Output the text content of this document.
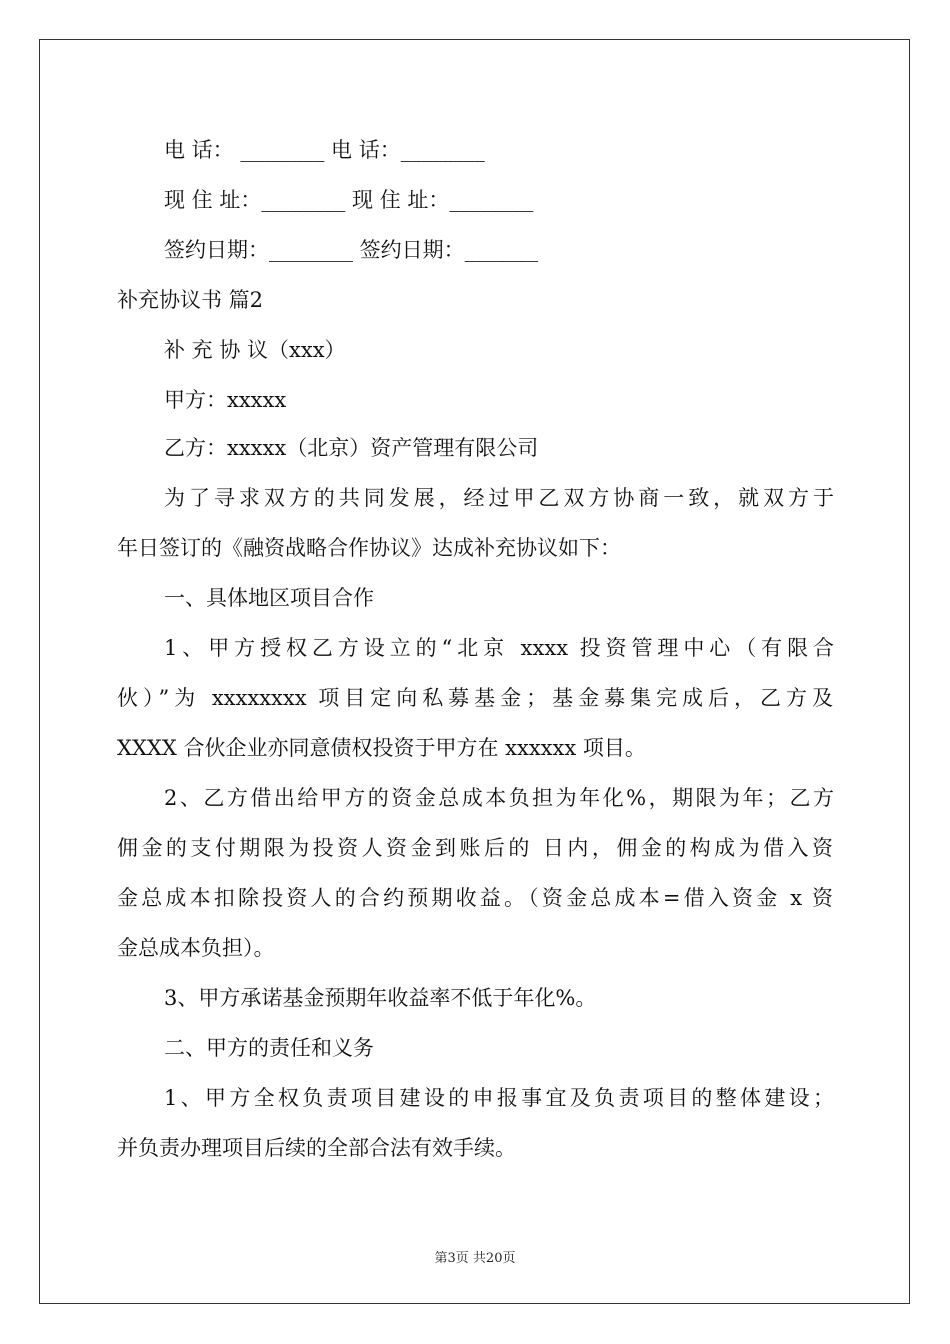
电 话： ________ 电 话：________
现 住 址：________ 现 住 址：________
签约日期：________ 签约日期：_______
补充协议书 篇2
补 充 协 议（xxx）
甲方：xxxxx
乙方：xxxxx（北京）资产管理有限公司
为了寻求双方的共同发展，经过甲乙双方协商一致，就双方于
年日签订的《融资战略合作协议》达成补充协议如下：
一、具体地区项目合作
1、甲方授权乙方设立的“北京 xxxx 投资管理中心（有限合
伙）”为 xxxxxxxx 项目定向私募基金；基金募集完成后，乙方及
XXXX 合伙企业亦同意债权投资于甲方在 xxxxxx 项目。
2、乙方借出给甲方的资金总成本负担为年化%，期限为年；乙方
佣金的支付期限为投资人资金到账后的 日内，佣金的构成为借入资
金总成本扣除投资人的合约预期收益。（资金总成本=借入资金 x 资
金总成本负担）。
3、甲方承诺基金预期年收益率不低于年化%。
二、甲方的责任和义务
1、甲方全权负责项目建设的申报事宜及负责项目的整体建设；
并负责办理项目后续的全部合法有效手续。
第3页 共20页
